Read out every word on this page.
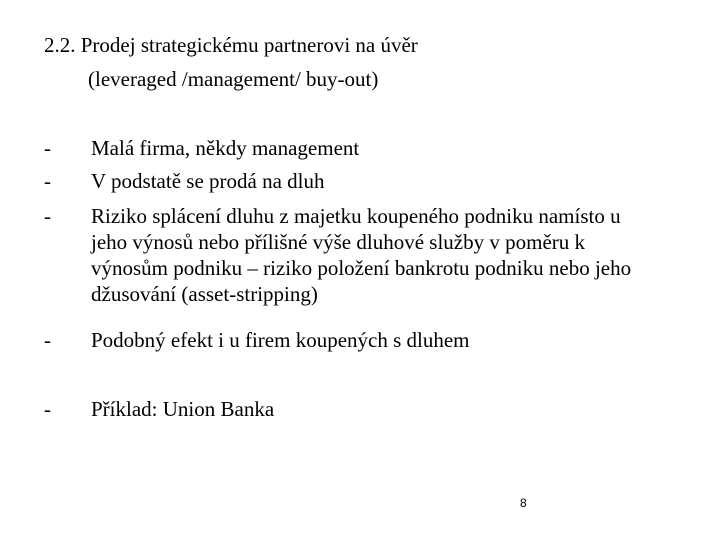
2.2. Prodej strategickému partnerovi na úvěr
(leveraged /management/ buy-out)
- Malá firma, někdy management
- V podstatě se prodá na dluh
- Riziko splácení dluhu z majetku koupeného podniku namísto u
jeho výnosů nebo přílišné výše dluhové služby v poměru k
výnosům podniku – riziko položení bankrotu podniku nebo jeho
džusování (asset-stripping)
- Podobný efekt i u firem koupených s dluhem
- Příklad: Union Banka
8
